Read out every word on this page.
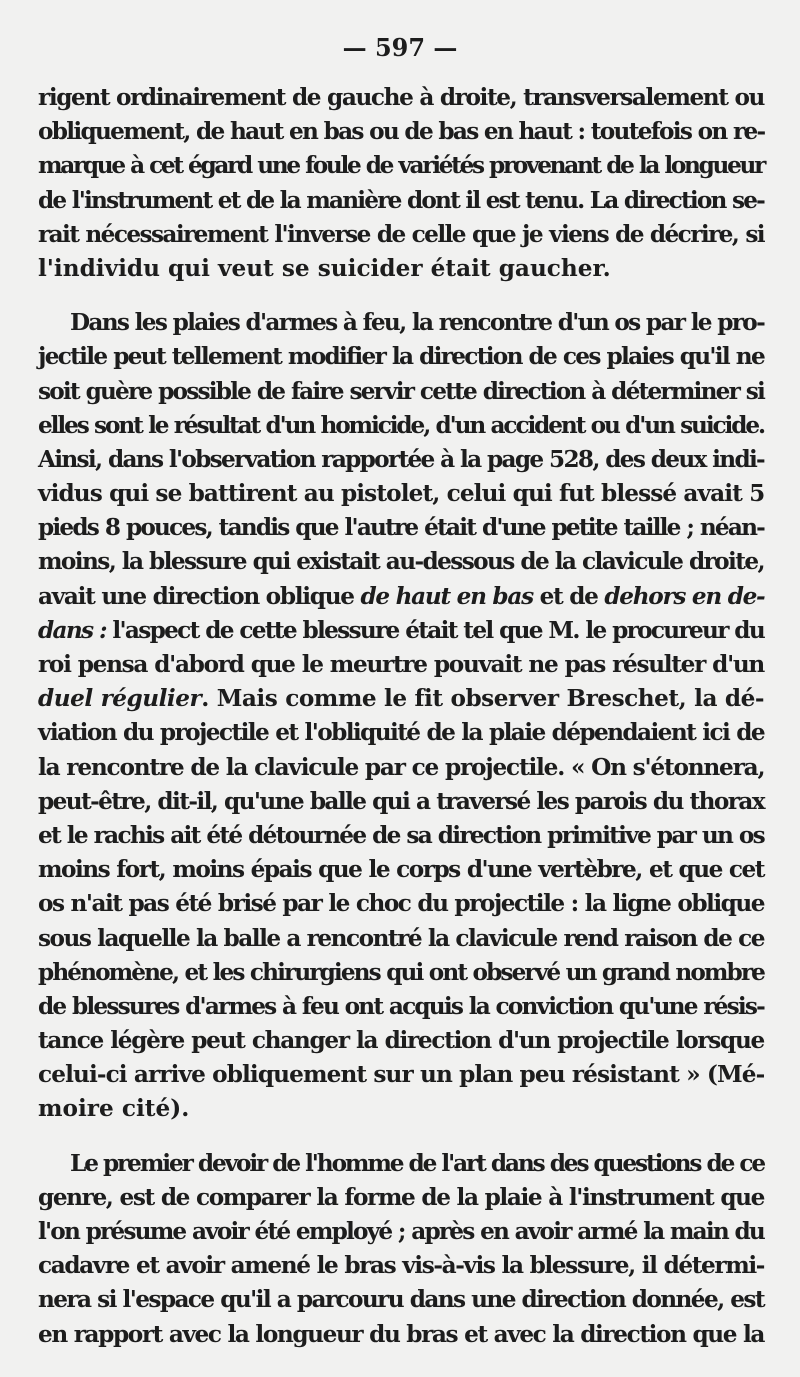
— 597 —
rigent ordinairement de gauche à droite, transversalement ou
obliquement, de haut en bas ou de bas en haut : toutefois on re-
marque à cet égard une foule de variétés provenant de la longueur
de l'instrument et de la manière dont il est tenu. La direction se-
rait nécessairement l'inverse de celle que je viens de décrire, si
l'individu qui veut se suicider était gaucher.
Dans les plaies d'armes à feu, la rencontre d'un os par le pro-
jectile peut tellement modifier la direction de ces plaies qu'il ne
soit guère possible de faire servir cette direction à déterminer si
elles sont le résultat d'un homicide, d'un accident ou d'un suicide.
Ainsi, dans l'observation rapportée à la page 528, des deux indi-
vidus qui se battirent au pistolet, celui qui fut blessé avait 5
pieds 8 pouces, tandis que l'autre était d'une petite taille ; néan-
moins, la blessure qui existait au-dessous de la clavicule droite,
avait une direction oblique de haut en bas et de dehors en de-
dans : l'aspect de cette blessure était tel que M. le procureur du
roi pensa d'abord que le meurtre pouvait ne pas résulter d'un
duel régulier. Mais comme le fit observer Breschet, la dé-
viation du projectile et l'obliquité de la plaie dépendaient ici de
la rencontre de la clavicule par ce projectile. « On s'étonnera,
peut-être, dit-il, qu'une balle qui a traversé les parois du thorax
et le rachis ait été détournée de sa direction primitive par un os
moins fort, moins épais que le corps d'une vertèbre, et que cet
os n'ait pas été brisé par le choc du projectile : la ligne oblique
sous laquelle la balle a rencontré la clavicule rend raison de ce
phénomène, et les chirurgiens qui ont observé un grand nombre
de blessures d'armes à feu ont acquis la conviction qu'une résis-
tance légère peut changer la direction d'un projectile lorsque
celui-ci arrive obliquement sur un plan peu résistant » (Mé-
moire cité).
Le premier devoir de l'homme de l'art dans des questions de ce
genre, est de comparer la forme de la plaie à l'instrument que
l'on présume avoir été employé ; après en avoir armé la main du
cadavre et avoir amené le bras vis-à-vis la blessure, il détermi-
nera si l'espace qu'il a parcouru dans une direction donnée, est
en rapport avec la longueur du bras et avec la direction que la
